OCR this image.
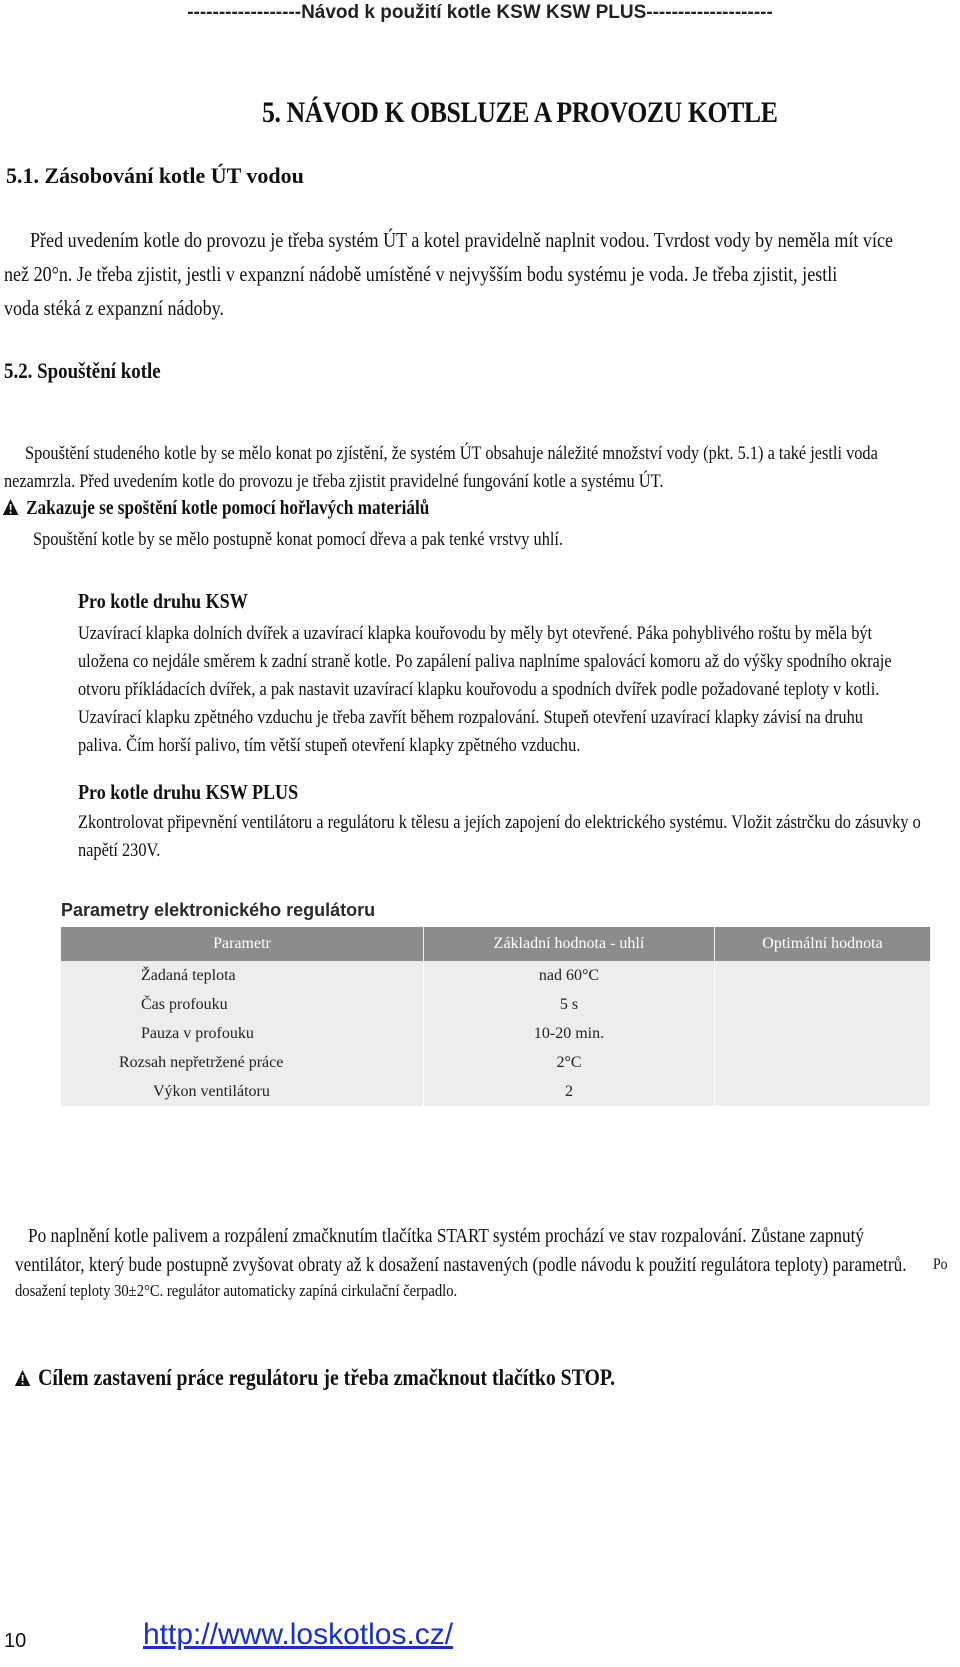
------------------Návod k použití kotle KSW KSW PLUS--------------------
5. NÁVOD K OBSLUZE A PROVOZU KOTLE
5.1. Zásobování kotle ÚT vodou
Před uvedením kotle do provozu je třeba systém ÚT a kotel pravidelně naplnit vodou. Tvrdost vody by neměla mít více
než 20°n. Je třeba zjistit, jestli v expanzní nádobě umístěné v nejvyšším bodu systému je voda. Je třeba zjistit, jestli
voda stéká z expanzní nádoby.
5.2. Spouštění kotle
Spouštění studeného kotle by se mělo konat po zjístění, že systém ÚT obsahuje náležité množství vody (pkt. 5.1) a také jestli voda
nezamrzla. Před uvedením kotle do provozu je třeba zjistit pravidelné fungování kotle a systému ÚT.
Zakazuje se spoštění kotle pomocí hořlavých materiálů
Spouštění kotle by se mělo postupně konat pomocí dřeva a pak tenké vrstvy uhlí.
Pro kotle druhu KSW
Uzavírací klapka dolních dvířek a uzavírací klapka kouřovodu by měly byt otevřené. Páka pohyblivého roštu by měla být
uložena co nejdále směrem k zadní straně kotle. Po zapálení paliva naplníme spalovácí komoru až do výšky spodního okraje
otvoru příkládacích dvířek, a pak nastavit uzavírací klapku kouřovodu a spodních dvířek podle požadované teploty v kotli.
Uzavírací klapku zpětného vzduchu je třeba zavřít během rozpalování. Stupeň otevření uzavírací klapky závisí na druhu
paliva. Čím horší palivo, tím větší stupeň otevření klapky zpětného vzduchu.
Pro kotle druhu KSW PLUS
Zkontrolovat připevnění ventilátoru a regulátoru k tělesu a jejích zapojení do elektrického systému. Vložit zástrčku do zásuvky o
napětí 230V.
Parametry elektronického regulátoru
Parametr	Základní hodnota - uhlí	Optimální hodnota
Žadaná teplota	nad 60°C	
Čas profouku	5 s	
Pauza v profouku	10-20 min.	
Rozsah nepřetržené práce	2°C	
Výkon ventilátoru	2	
Po naplnění kotle palivem a rozpálení zmačknutím tlačítka START systém prochází ve stav rozpalování. Zůstane zapnutý
ventilátor, který bude postupně zvyšovat obraty až k dosažení nastavených (podle návodu k použití regulátora teploty) parametrů. Po
dosažení teploty 30±2°C. regulátor automaticky zapíná cirkulační čerpadlo.
Cílem zastavení práce regulátoru je třeba zmačknout tlačítko STOP.
10	http://www.loskotlos.cz/
